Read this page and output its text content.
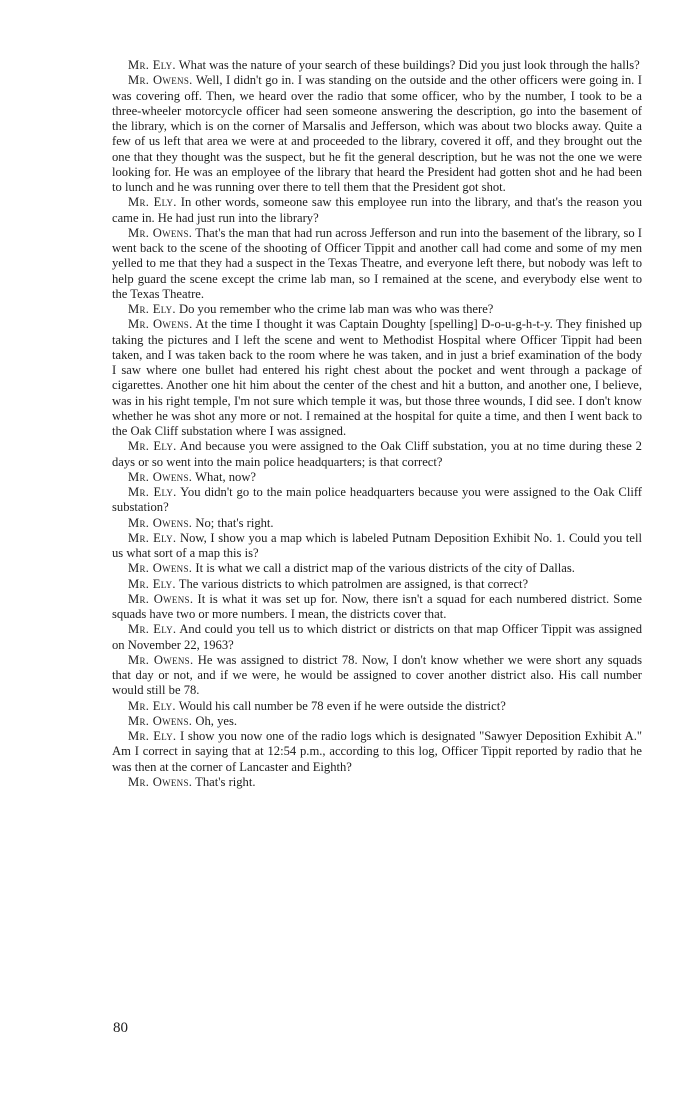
Mr. Ely. What was the nature of your search of these buildings? Did you just look through the halls?

Mr. Owens. Well, I didn't go in. I was standing on the outside and the other officers were going in. I was covering off. Then, we heard over the radio that some officer, who by the number, I took to be a three-wheeler motorcycle officer had seen someone answering the description, go into the basement of the library, which is on the corner of Marsalis and Jefferson, which was about two blocks away. Quite a few of us left that area we were at and proceeded to the library, covered it off, and they brought out the one that they thought was the suspect, but he fit the general description, but he was not the one we were looking for. He was an employee of the library that heard the President had gotten shot and he had been to lunch and he was running over there to tell them that the President got shot.

Mr. Ely. In other words, someone saw this employee run into the library, and that's the reason you came in. He had just run into the library?

Mr. Owens. That's the man that had run across Jefferson and run into the basement of the library, so I went back to the scene of the shooting of Officer Tippit and another call had come and some of my men yelled to me that they had a suspect in the Texas Theatre, and everyone left there, but nobody was left to help guard the scene except the crime lab man, so I remained at the scene, and everybody else went to the Texas Theatre.

Mr. Ely. Do you remember who the crime lab man was who was there?

Mr. Owens. At the time I thought it was Captain Doughty [spelling] D-o-u-g-h-t-y. They finished up taking the pictures and I left the scene and went to Methodist Hospital where Officer Tippit had been taken, and I was taken back to the room where he was taken, and in just a brief examination of the body I saw where one bullet had entered his right chest about the pocket and went through a package of cigarettes. Another one hit him about the center of the chest and hit a button, and another one, I believe, was in his right temple, I'm not sure which temple it was, but those three wounds, I did see. I don't know whether he was shot any more or not. I remained at the hospital for quite a time, and then I went back to the Oak Cliff substation where I was assigned.

Mr. Ely. And because you were assigned to the Oak Cliff substation, you at no time during these 2 days or so went into the main police headquarters; is that correct?

Mr. Owens. What, now?

Mr. Ely. You didn't go to the main police headquarters because you were assigned to the Oak Cliff substation?

Mr. Owens. No; that's right.

Mr. Ely. Now, I show you a map which is labeled Putnam Deposition Exhibit No. 1. Could you tell us what sort of a map this is?

Mr. Owens. It is what we call a district map of the various districts of the city of Dallas.

Mr. Ely. The various districts to which patrolmen are assigned, is that correct?

Mr. Owens. It is what it was set up for. Now, there isn't a squad for each numbered district. Some squads have two or more numbers. I mean, the districts cover that.

Mr. Ely. And could you tell us to which district or districts on that map Officer Tippit was assigned on November 22, 1963?

Mr. Owens. He was assigned to district 78. Now, I don't know whether we were short any squads that day or not, and if we were, he would be assigned to cover another district also. His call number would still be 78.

Mr. Ely. Would his call number be 78 even if he were outside the district?

Mr. Owens. Oh, yes.

Mr. Ely. I show you now one of the radio logs which is designated "Sawyer Deposition Exhibit A." Am I correct in saying that at 12:54 p.m., according to this log, Officer Tippit reported by radio that he was then at the corner of Lancaster and Eighth?

Mr. Owens. That's right.

80
